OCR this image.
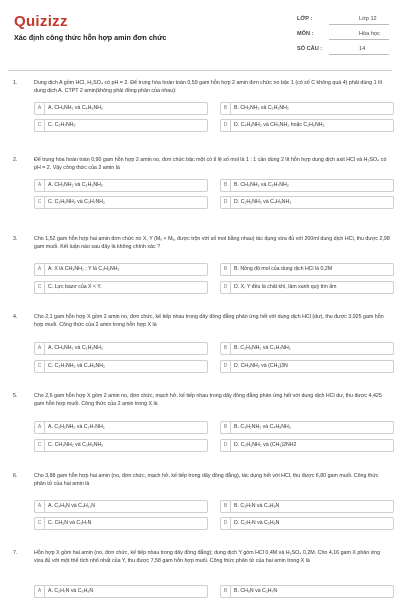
Quizizz
Xác định công thức hỗn hợp amin đơn chức
LỚP :	Lớp 12
MÔN :	Hóa học
SỐ CÂU :	14
1.	Dung dịch A gồm HCl, H₂SO₄ có pH = 2. Để trung hòa hoàn toàn 0,59 gam hỗn hợp 2 amin đơn chức no bậc 1 (có số C không quá 4) phải dùng 1 lít dung dịch A. CTPT 2 amin(không phải đồng phân của nhau):
A	A. CH₃NH₂ và C₄H₉NH₂	B	B. CH₃NH₂ và C₂H₅NH₂
C	C. C₃H₇NH₂	D	D. C₄H₉NH₂ và CH₃NH₂ hoặc C₂H₅NH₂
2.	Để trung hòa hoàn toàn 0,90 gam hỗn hợp 2 amin no, đơn chức bậc một có tỉ lệ số mol là 1 : 1 cần dùng 2 lít hỗn hợp dung dịch axit HCl và H₂SO₄ có pH = 2. Vậy công thức của 2 amin là
A	A. CH₃NH₂ và C₂H₅NH₂	B	B. CH₃NH₂ và C₃H₇NH₂
C	C. C₂H₅NH₂ và C₃H₇NH₂	D	D. C₂H₅NH₂ và C₄H₉NH₂
3.	Cho 1,52 gam hỗn hợp hai amin đơn chức no X, Y (Mₓ < Mᵧ, được trộn với số mol bằng nhau) tác dụng vừa đủ với 200ml dung dịch HCl, thu được 2,98 gam muối. Kết luận nào sau đây là không chính xác ?
A	A. X là CH₃NH₂ ; Y là C₂H₅NH₂	B	B. Nồng độ mol của dung dịch HCl là 0,2M
C	C. Lực bazơ của X < Y.	D	D. X, Y đều là chất khí, làm xanh quỳ tím ẩm
4.	Cho 2,1 gam hỗn hợp X gồm 2 amin no, đơn chức, kế tiếp nhau trong dãy đồng đẳng phản ứng hết với dung dịch HCl (dư), thu được 3,925 gam hỗn hợp muối. Công thức của 2 amin trong hỗn hợp X là
A	A. CH₃NH₂ và C₂H₅NH₂	B	B. C₂H₅NH₂ và C₃H₇NH₂
C	C. C₃H₇NH₂ và C₄H₉NH₂	D	D. CH₃NH₂ và (CH₃)3N
5.	Cho 2,6 gam hỗn hợp X gồm 2 amin no, đơn chức, mạch hở, kế tiếp nhau trong dãy đồng đẳng phản ứng hết với dung dịch HCl dư, thu được 4,425 gam hỗn hợp muối. Công thức của 2 amin trong X là
A	A. C₂H₅NH₂ và C₃H₇NH₂	B	B. C₃H₇NH₂ và C₄H₉NH₂
C	C. CH₃NH₂ và C₂H₅NH₂	D	D. C₂H₅NH₂ và (CH₃)2NH2
6.	Cho 3,88 gam hỗn hợp hai amin (no, đơn chức, mạch hở, kế tiếp trong dãy đồng đẳng), tác dụng hết với HCl, thu được 6,80 gam muối. Công thức phân tử của hai amin là
A	A. C₃H₉N và C₄H₁₁N	B	B. C₃H₇N và C₄H₉N
C	C. CH₅N và C₂H₇N	D	D. C₂H₇N và C₃H₉N
7.	Hỗn hợp X gồm hai amin (no, đơn chức, kế tiếp nhau trong dãy đồng đẳng); dung dịch Y gồm HCl 0,4M và H₂SO₄ 0,2M. Cho 4,16 gam X phản ứng vừa đủ với một thể tích nhỏ nhất của Y, thu được 7,58 gam hỗn hợp muối. Công thức phân tử của hai amin trong X là
A	A. C₂H₇N và C₃H₉N	B	B. CH₅N và C₂H₇N
